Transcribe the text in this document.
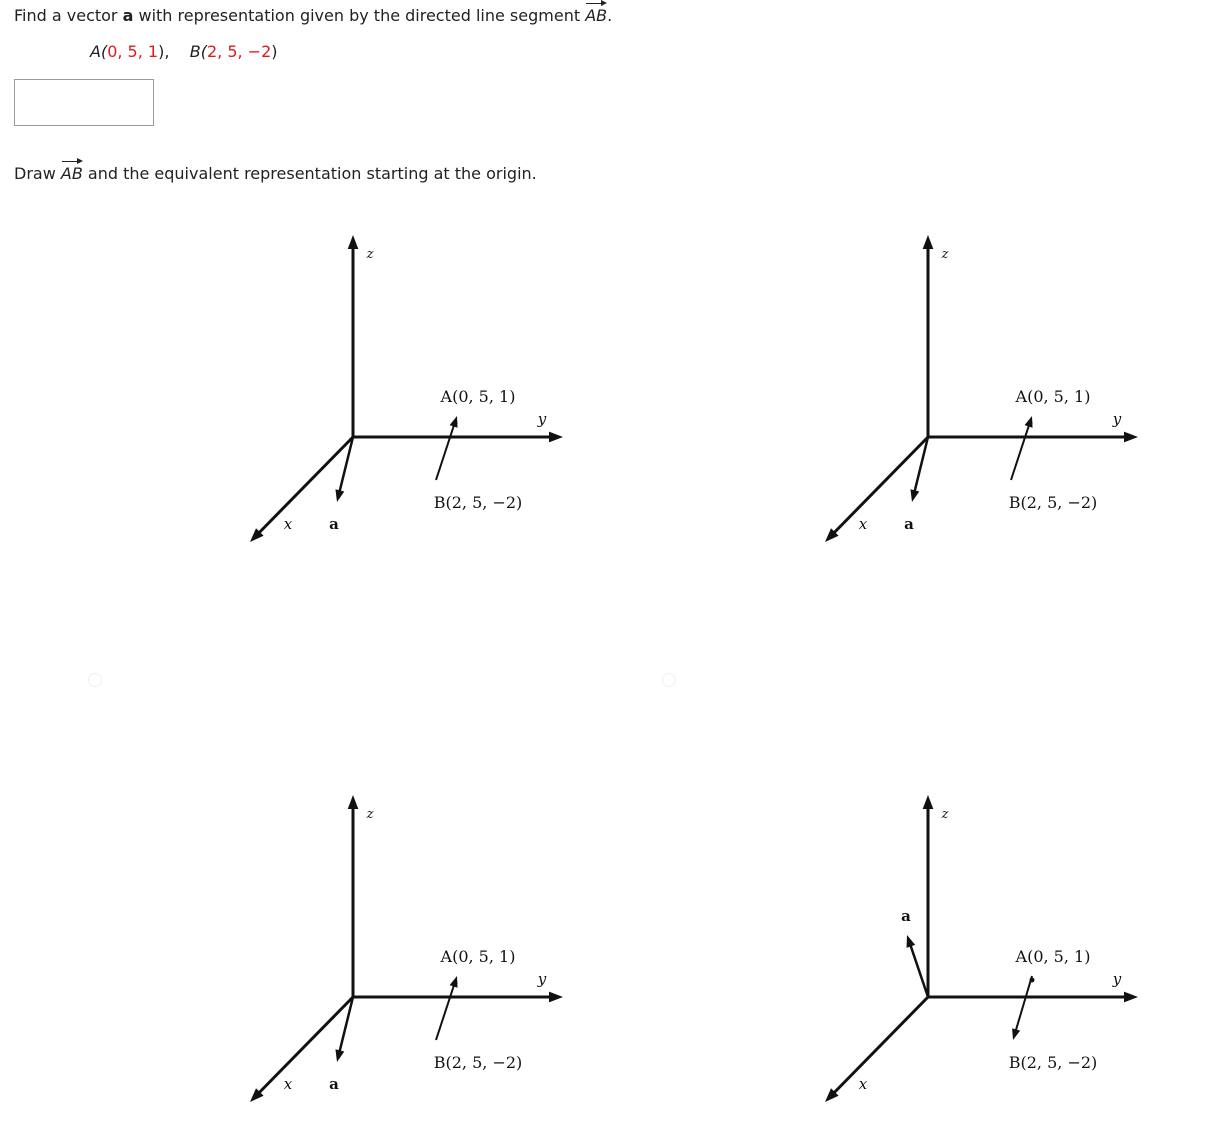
Find a vector a with representation given by the directed line segment AB.
A(0, 5, 1), B(2, 5, −2)
Draw AB and the equivalent representation starting at the origin.
z
y
x
A(0, 5, 1)
B(2, 5, −2)
a
z
y
x
A(0, 5, 1)
B(2, 5, −2)
a
z
y
x
A(0, 5, 1)
B(2, 5, −2)
a
z
y
x
A(0, 5, 1)
B(2, 5, −2)
a
